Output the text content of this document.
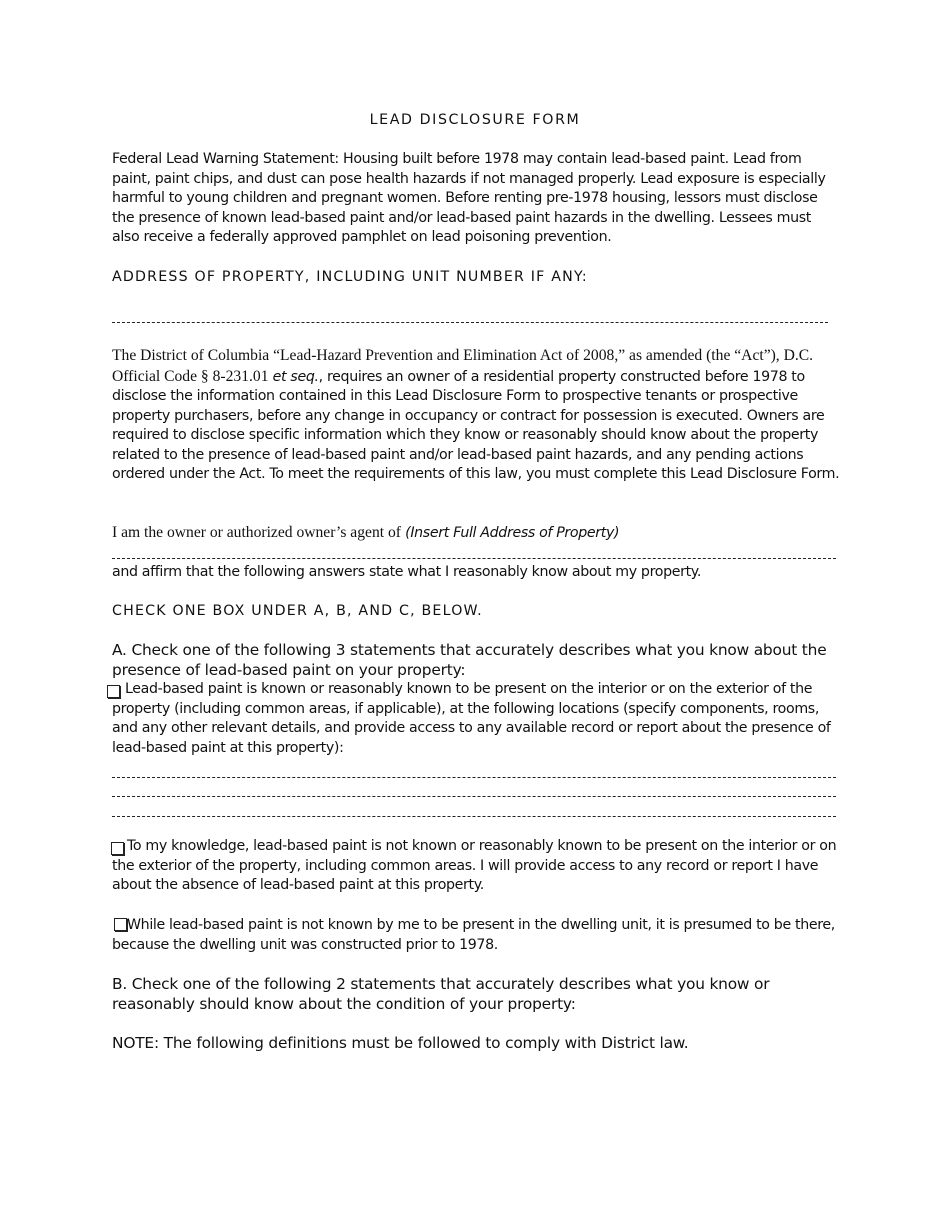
LEAD DISCLOSURE FORM
Federal Lead Warning Statement: Housing built before 1978 may contain lead-based paint. Lead from paint, paint chips, and dust can pose health hazards if not managed properly. Lead exposure is especially harmful to young children and pregnant women. Before renting pre-1978 housing, lessors must disclose the presence of known lead-based paint and/or lead-based paint hazards in the dwelling. Lessees must also receive a federally approved pamphlet on lead poisoning prevention.
ADDRESS OF PROPERTY, INCLUDING UNIT NUMBER IF ANY:
The District of Columbia “Lead-Hazard Prevention and Elimination Act of 2008,” as amended (the “Act”), D.C. Official Code § 8-231.01 et seq., requires an owner of a residential property constructed before 1978 to disclose the information contained in this Lead Disclosure Form to prospective tenants or prospective property purchasers, before any change in occupancy or contract for possession is executed. Owners are required to disclose specific information which they know or reasonably should know about the property related to the presence of lead-based paint and/or lead-based paint hazards, and any pending actions ordered under the Act. To meet the requirements of this law, you must complete this Lead Disclosure Form.
I am the owner or authorized owner’s agent of (Insert Full Address of Property)
and affirm that the following answers state what I reasonably know about my property.
CHECK ONE BOX UNDER A, B, AND C, BELOW.
A. Check one of the following 3 statements that accurately describes what you know about the presence of lead-based paint on your property:
Lead-based paint is known or reasonably known to be present on the interior or on the exterior of the property (including common areas, if applicable), at the following locations (specify components, rooms, and any other relevant details, and provide access to any available record or report about the presence of lead-based paint at this property):
To my knowledge, lead-based paint is not known or reasonably known to be present on the interior or on the exterior of the property, including common areas. I will provide access to any record or report I have about the absence of lead-based paint at this property.
While lead-based paint is not known by me to be present in the dwelling unit, it is presumed to be there, because the dwelling unit was constructed prior to 1978.
B. Check one of the following 2 statements that accurately describes what you know or reasonably should know about the condition of your property:
NOTE: The following definitions must be followed to comply with District law.
